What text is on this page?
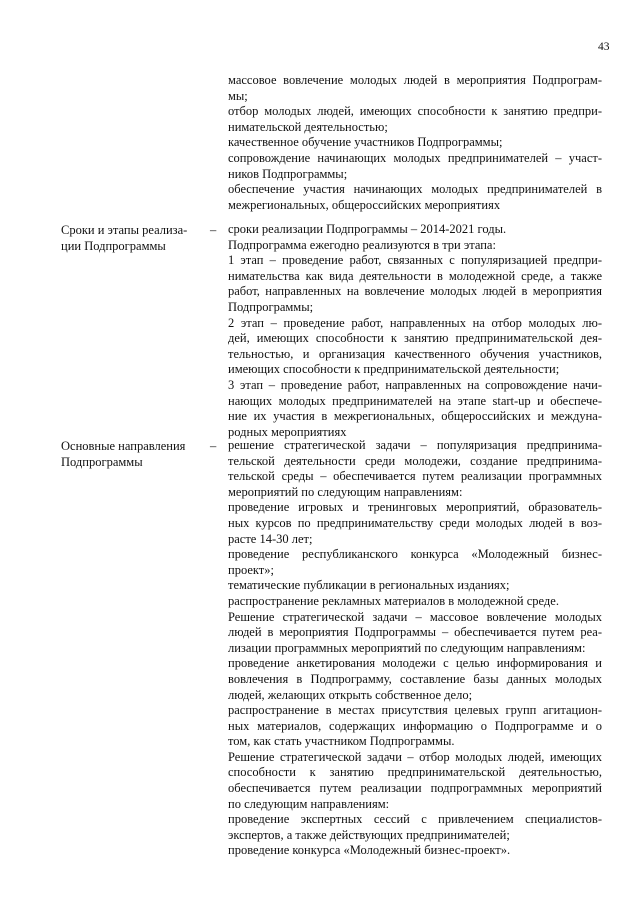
43
массовое вовлечение молодых людей в мероприятия Подпрограм-
мы;
отбор молодых людей, имеющих способности к занятию предпри-
нимательской деятельностью;
качественное обучение участников Подпрограммы;
сопровождение начинающих молодых предпринимателей – участ-
ников Подпрограммы;
обеспечение участия начинающих молодых предпринимателей в
межрегиональных, общероссийских мероприятиях
Сроки и этапы реализа-
ции Подпрограммы
– сроки реализации Подпрограммы – 2014-2021 годы.
Подпрограмма ежегодно реализуются в три этапа:
1 этап – проведение работ, связанных с популяризацией предпри-
нимательства как вида деятельности в молодежной среде, а также
работ, направленных на вовлечение молодых людей в мероприятия
Подпрограммы;
2 этап – проведение работ, направленных на отбор молодых лю-
дей, имеющих способности к занятию предпринимательской дея-
тельностью, и организация качественного обучения участников,
имеющих способности к предпринимательской деятельности;
3 этап – проведение работ, направленных на сопровождение начи-
нающих молодых предпринимателей на этапе start-up и обеспече-
ние их участия в межрегиональных, общероссийских и междуна-
родных мероприятиях
Основные направления
Подпрограммы
– решение стратегической задачи – популяризация предпринима-
тельской деятельности среди молодежи, создание предпринима-
тельской среды – обеспечивается путем реализации программных
мероприятий по следующим направлениям:
проведение игровых и тренинговых мероприятий, образователь-
ных курсов по предпринимательству среди молодых людей в воз-
расте 14-30 лет;
проведение республиканского конкурса «Молодежный бизнес-
проект»;
тематические публикации в региональных изданиях;
распространение рекламных материалов в молодежной среде.
Решение стратегической задачи – массовое вовлечение молодых
людей в мероприятия Подпрограммы – обеспечивается путем реа-
лизации программных мероприятий по следующим направлениям:
проведение анкетирования молодежи с целью информирования и
вовлечения в Подпрограмму, составление базы данных молодых
людей, желающих открыть собственное дело;
распространение в местах присутствия целевых групп агитацион-
ных материалов, содержащих информацию о Подпрограмме и о
том, как стать участником Подпрограммы.
Решение стратегической задачи – отбор молодых людей, имеющих
способности к занятию предпринимательской деятельностью,
обеспечивается путем реализации подпрограммных мероприятий
по следующим направлениям:
проведение экспертных сессий с привлечением специалистов-
экспертов, а также действующих предпринимателей;
проведение конкурса «Молодежный бизнес-проект».
